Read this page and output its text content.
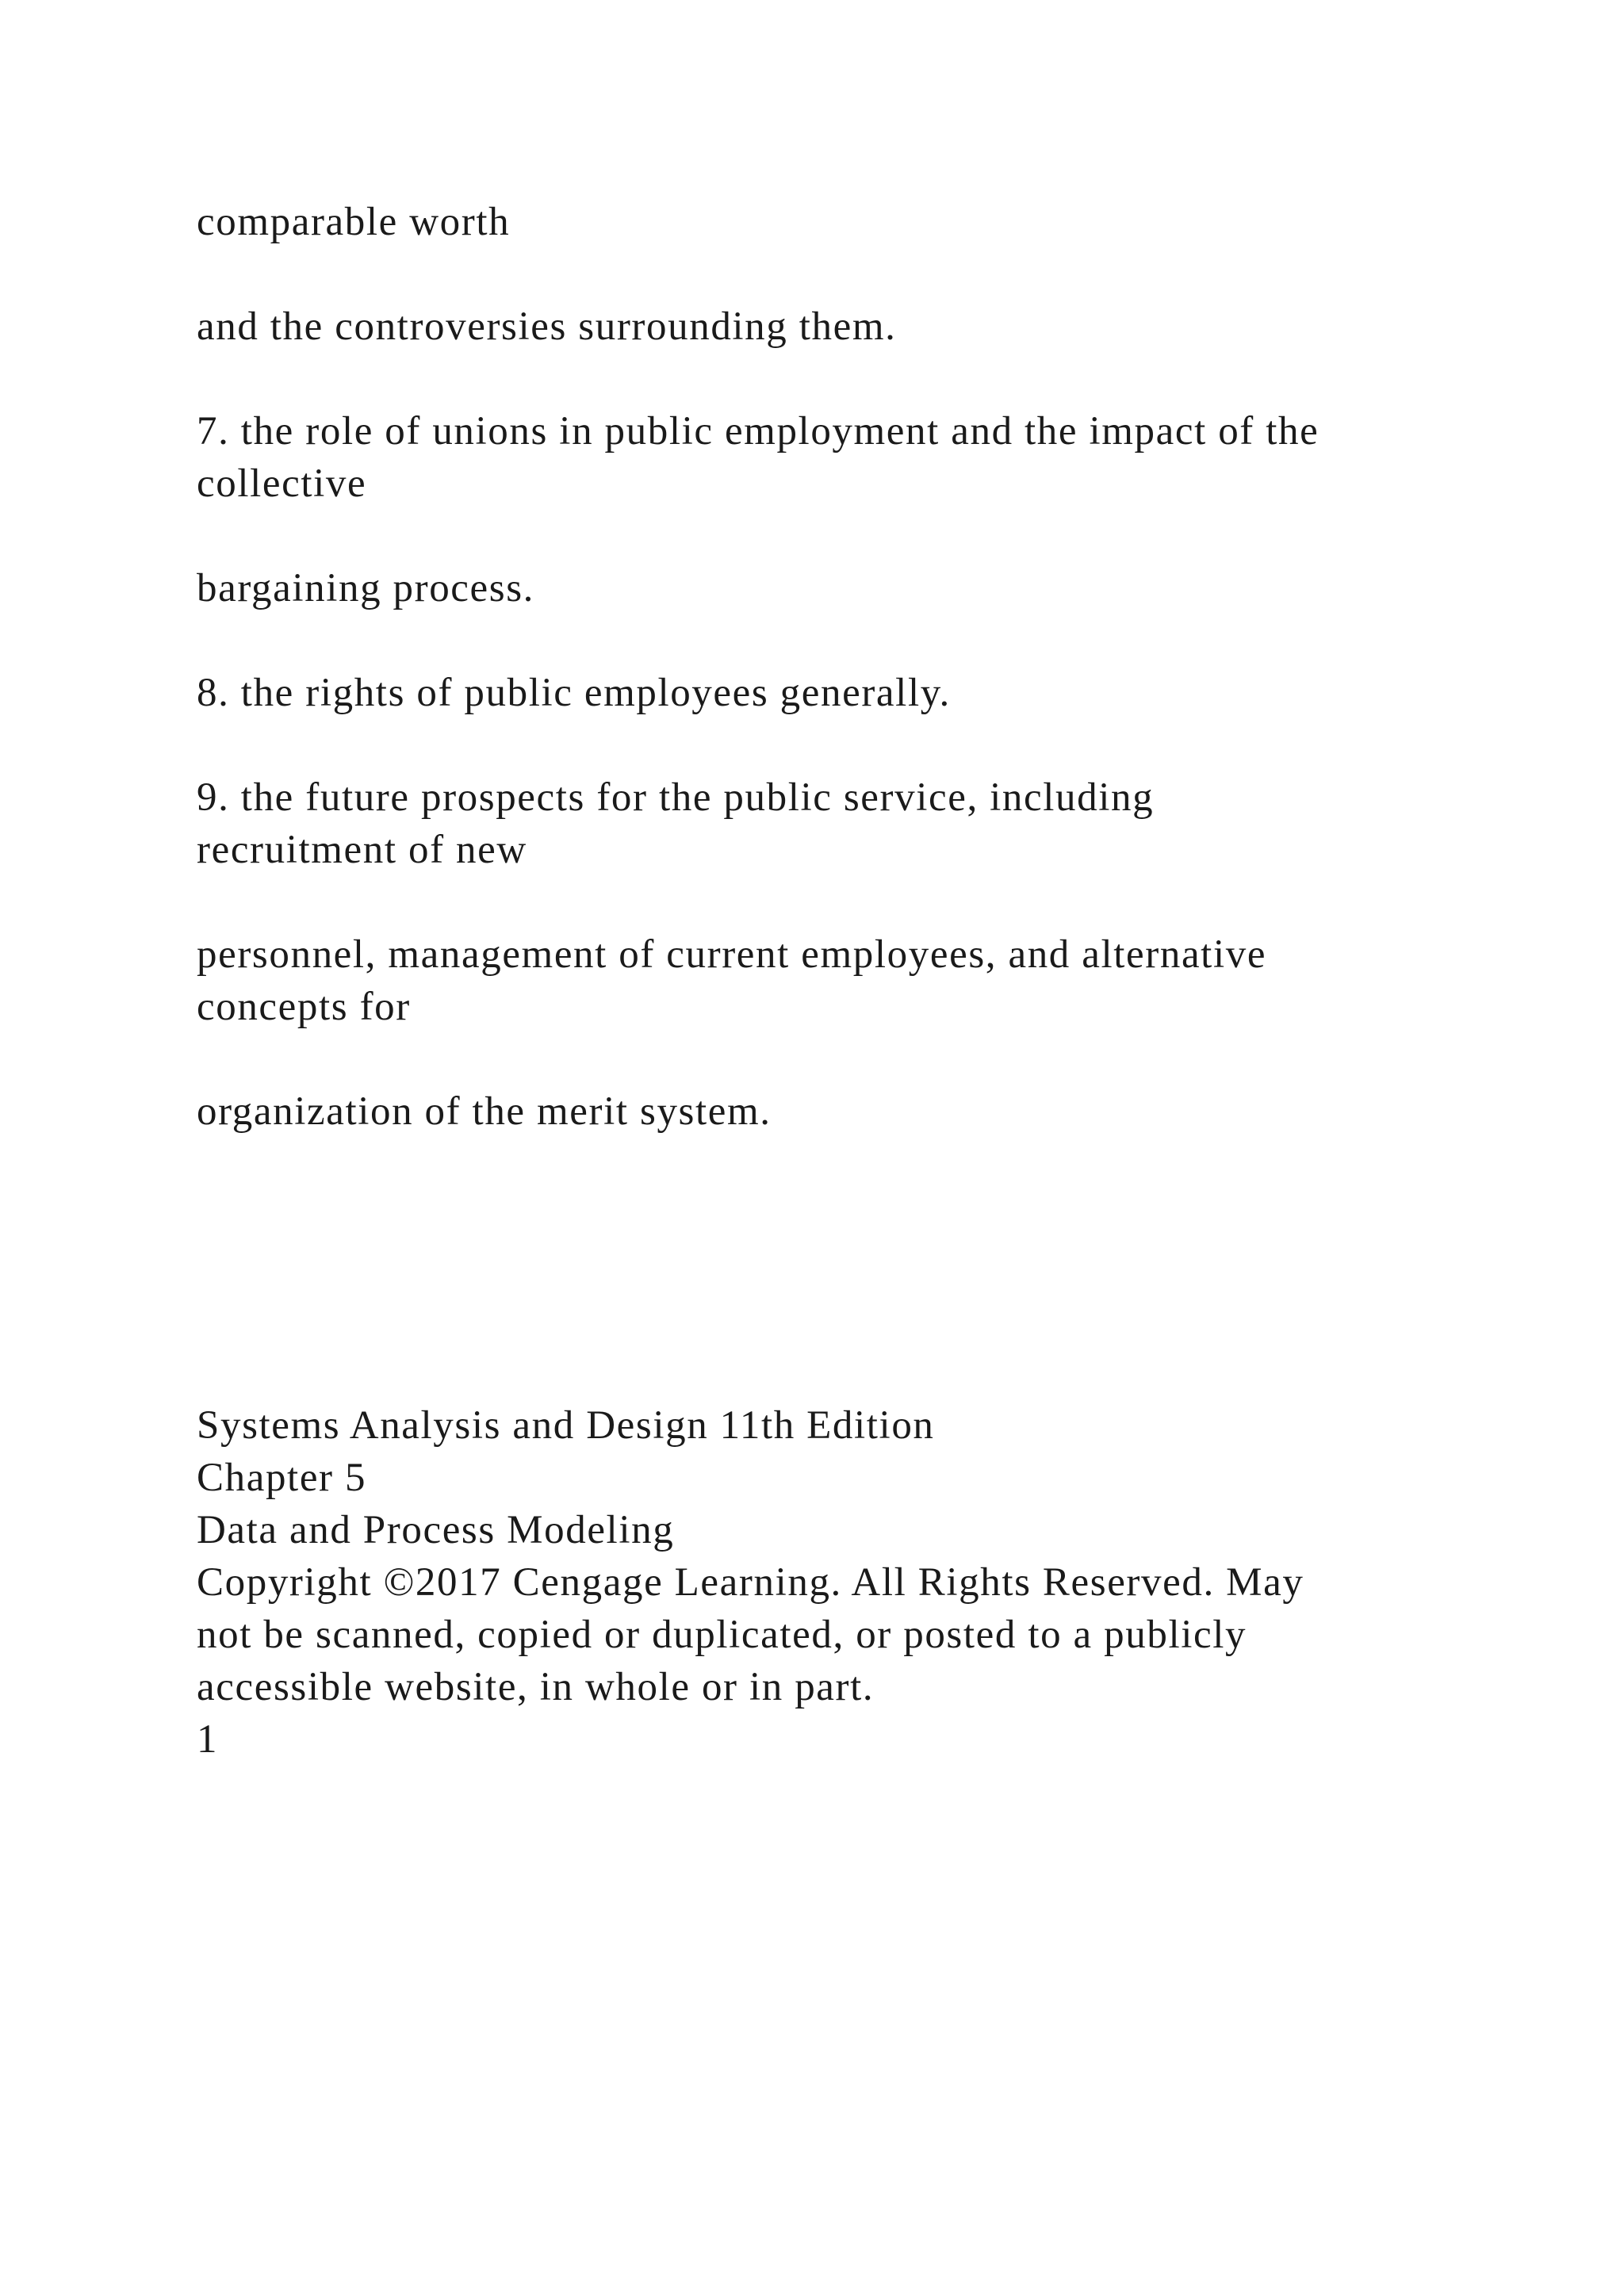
comparable worth
and the controversies surrounding them.
7. the role of unions in public employment and the impact of the
collective
bargaining process.
8. the rights of public employees generally.
9. the future prospects for the public service, including
recruitment of new
personnel, management of current employees, and alternative
concepts for
organization of the merit system.
Systems Analysis and Design 11th Edition
Chapter 5
Data and Process Modeling
Copyright ©2017 Cengage Learning. All Rights Reserved. May
not be scanned, copied or duplicated, or posted to a publicly
accessible website, in whole or in part.
1
